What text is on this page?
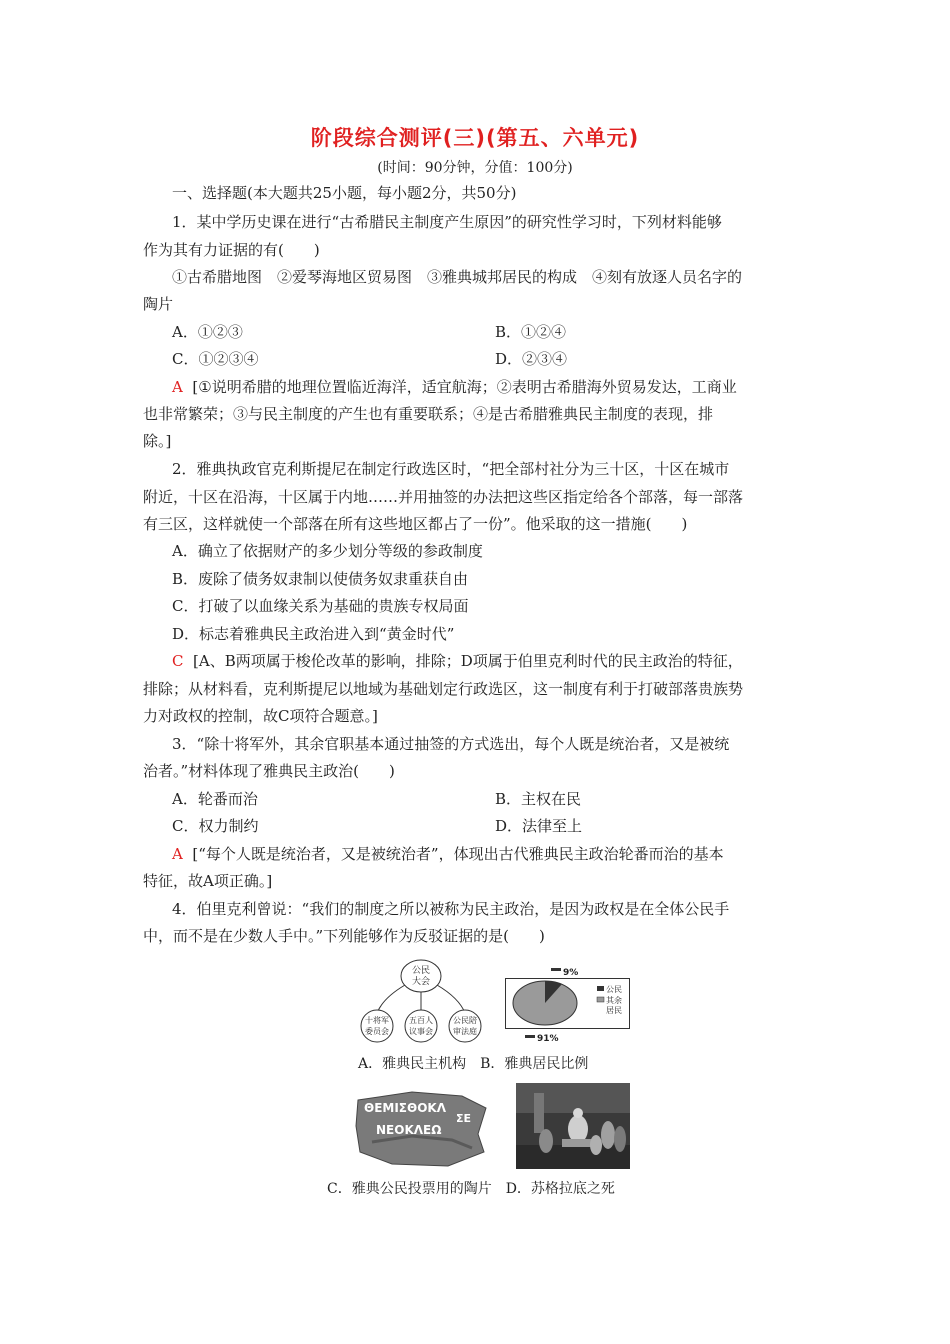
阶段综合测评(三)(第五、六单元)
(时间：90分钟，分值：100分)
一、选择题(本大题共25小题，每小题2分，共50分)
1．某中学历史课在进行“古希腊民主制度产生原因”的研究性学习时，下列材料能够
作为其有力证据的有(　　)
①古希腊地图　②爱琴海地区贸易图　③雅典城邦居民的构成　④刻有放逐人员名字的
陶片
A．①②③	B．①②④
C．①②③④	D．②③④
A [①说明希腊的地理位置临近海洋，适宜航海；②表明古希腊海外贸易发达，工商业
也非常繁荣；③与民主制度的产生也有重要联系；④是古希腊雅典民主制度的表现，排
除。]
2．雅典执政官克利斯提尼在制定行政选区时，“把全部村社分为三十区，十区在城市
附近，十区在沿海，十区属于内地……并用抽签的办法把这些区指定给各个部落，每一部落
有三区，这样就使一个部落在所有这些地区都占了一份”。他采取的这一措施(　　)
A．确立了依据财产的多少划分等级的参政制度
B．废除了债务奴隶制以使债务奴隶重获自由
C．打破了以血缘关系为基础的贵族专权局面
D．标志着雅典民主政治进入到“黄金时代”
C [A、B两项属于梭伦改革的影响，排除；D项属于伯里克利时代的民主政治的特征，
排除；从材料看，克利斯提尼以地域为基础划定行政选区，这一制度有利于打破部落贵族势
力对政权的控制，故C项符合题意。]
3．“除十将军外，其余官职基本通过抽签的方式选出，每个人既是统治者，又是被统
治者。”材料体现了雅典民主政治(　　)
A．轮番而治	B．主权在民
C．权力制约	D．法律至上
A [“每个人既是统治者，又是被统治者”，体现出古代雅典民主政治轮番而治的基本
特征，故A项正确。]
4．伯里克利曾说：“我们的制度之所以被称为民主政治，是因为政权是在全体公民手
中，而不是在少数人手中。”下列能够作为反驳证据的是(　　)
公民
大会
十将军
委员会
五百人
议事会
公民陪
审法庭
9%
公民
其余
居民
91%
A．雅典民主机构　B．雅典居民比例
ΘEMIΣΘOKΛ
ΣE
NEOKΛEΩ
C．雅典公民投票用的陶片　D．苏格拉底之死
